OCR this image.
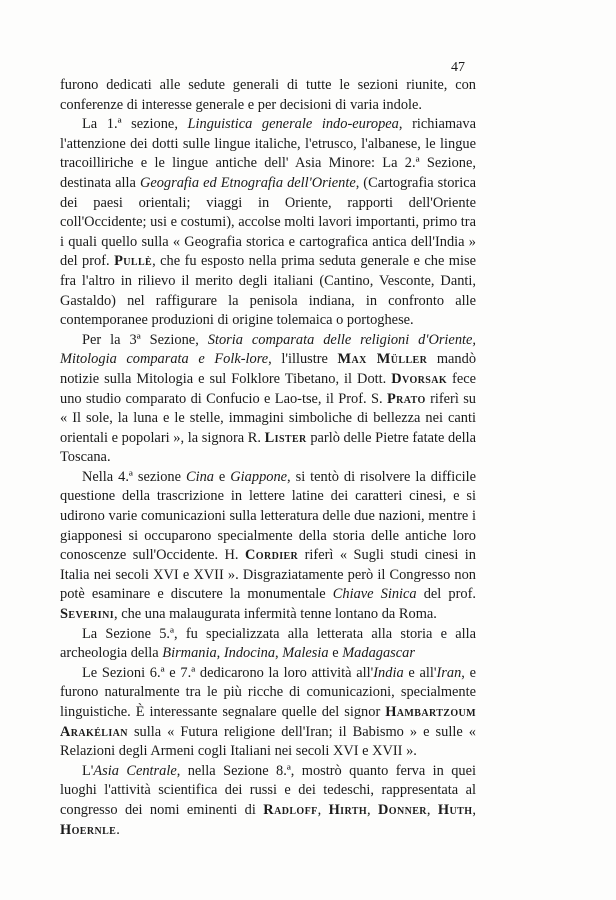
47

furono dedicati alle sedute generali di tutte le sezioni riunite, con conferenze di interesse generale e per decisioni di varia indole.

La 1.ª sezione, Linguistica generale indo-europea, richiamava l'attenzione dei dotti sulle lingue italiche, l'etrusco, l'albanese, le lingue tracoilliriche e le lingue antiche dell' Asia Minore: La 2.ª Sezione, destinata alla Geografia ed Etnografia dell'Oriente, (Cartografia storica dei paesi orientali; viaggi in Oriente, rapporti dell'Oriente coll'Occidente; usi e costumi), accolse molti lavori importanti, primo tra i quali quello sulla « Geografia storica e cartografica antica dell'India » del prof. Pullè, che fu esposto nella prima seduta generale e che mise fra l'altro in rilievo il merito degli italiani (Cantino, Vesconte, Danti, Gastaldo) nel raffigurare la penisola indiana, in confronto alle contemporanee produzioni di origine tolemaica o portoghese.

Per la 3ª Sezione, Storia comparata delle religioni d'Oriente, Mitologia comparata e Folk-lore, l'illustre Max Müller mandò notizie sulla Mitologia e sul Folklore Tibetano, il Dott. Dvorsak fece uno studio comparato di Confucio e Lao-tse, il Prof. S. Prato riferì su « Il sole, la luna e le stelle, immagini simboliche di bellezza nei canti orientali e popolari », la signora R. Lister parlò delle Pietre fatate della Toscana.

Nella 4.ª sezione Cina e Giappone, si tentò di risolvere la difficile questione della trascrizione in lettere latine dei caratteri cinesi, e si udirono varie comunicazioni sulla letteratura delle due nazioni, mentre i giapponesi si occuparono specialmente della storia delle antiche loro conoscenze sull'Occidente. H. Cordier riferì « Sugli studi cinesi in Italia nei secoli XVI e XVII ». Disgraziatamente però il Congresso non potè esaminare e discutere la monumentale Chiave Sinica del prof. Severini, che una malaugurata infermità tenne lontano da Roma.

La Sezione 5.ª, fu specializzata alla letterata alla storia e alla archeologia della Birmania, Indocina, Malesia e Madagascar

Le Sezioni 6.ª e 7.ª dedicarono la loro attività all'India e all'Iran, e furono naturalmente tra le più ricche di comunicazioni, specialmente linguistiche. È interessante segnalare quelle del signor Hambartzoum Arakélian sulla « Futura religione dell'Iran; il Babismo » e sulle « Relazioni degli Armeni cogli Italiani nei secoli XVI e XVII ».

L'Asia Centrale, nella Sezione 8.ª, mostrò quanto ferva in quei luoghi l'attività scientifica dei russi e dei tedeschi, rappresentata al congresso dei nomi eminenti di Radloff, Hirth, Donner, Huth, Hoernle.
